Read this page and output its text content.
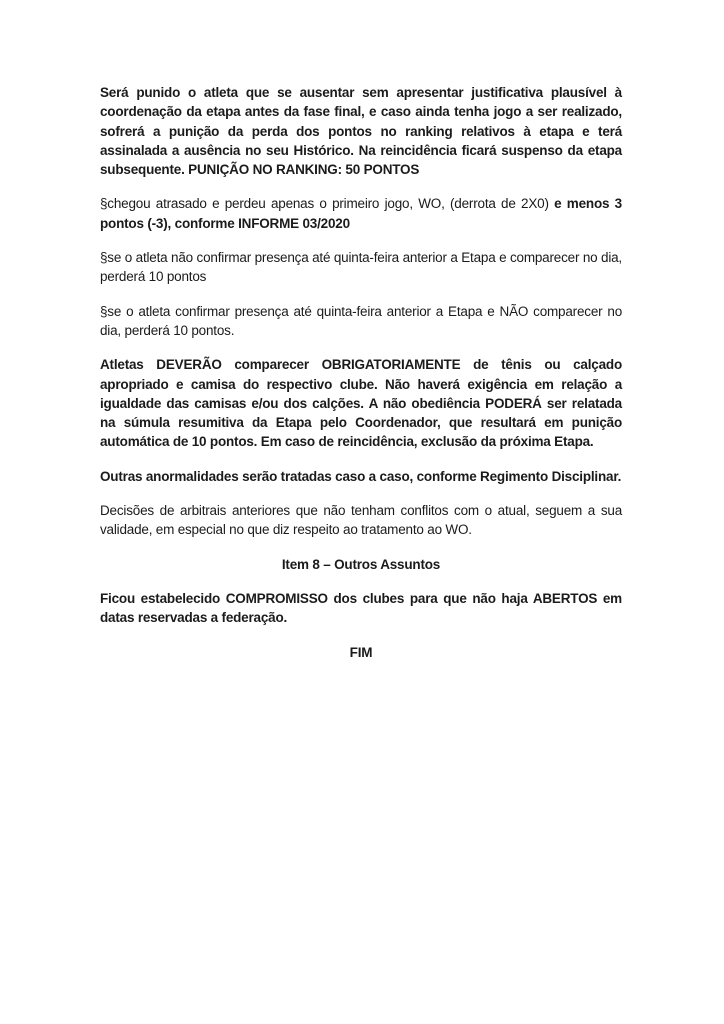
Será punido o atleta que se ausentar sem apresentar justificativa plausível à coordenação da etapa antes da fase final, e caso ainda tenha jogo a ser realizado, sofrerá a punição da perda dos pontos no ranking relativos à etapa e terá assinalada a ausência no seu Histórico. Na reincidência ficará suspenso da etapa subsequente. PUNIÇÃO NO RANKING: 50 PONTOS

§chegou atrasado e perdeu apenas o primeiro jogo, WO, (derrota de 2X0) e menos 3 pontos (-3), conforme INFORME 03/2020

§se o atleta não confirmar presença até quinta-feira anterior a Etapa e comparecer no dia, perderá 10 pontos

§se o atleta confirmar presença até quinta-feira anterior a Etapa e NÃO comparecer no dia, perderá 10 pontos.

Atletas DEVERÃO comparecer OBRIGATORIAMENTE de tênis ou calçado apropriado e camisa do respectivo clube. Não haverá exigência em relação a igualdade das camisas e/ou dos calções. A não obediência PODERÁ ser relatada na súmula resumitiva da Etapa pelo Coordenador, que resultará em punição automática de 10 pontos. Em caso de reincidência, exclusão da próxima Etapa.

Outras anormalidades serão tratadas caso a caso, conforme Regimento Disciplinar.

Decisões de arbitrais anteriores que não tenham conflitos com o atual, seguem a sua validade, em especial no que diz respeito ao tratamento ao WO.

Item 8 – Outros Assuntos

Ficou estabelecido COMPROMISSO dos clubes para que não haja ABERTOS em datas reservadas a federação.

FIM
